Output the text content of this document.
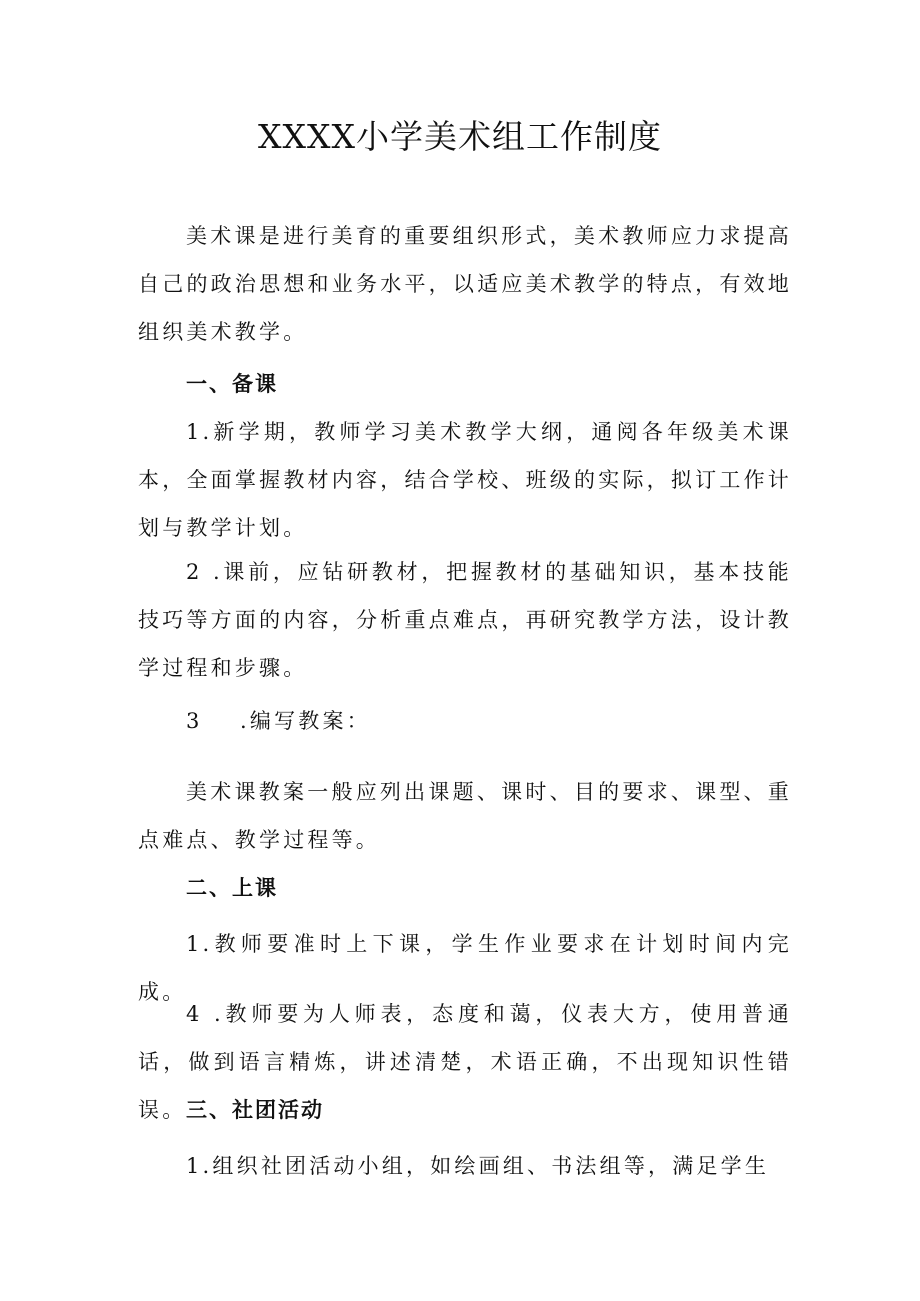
XXXX小学美术组工作制度

美术课是进行美育的重要组织形式，美术教师应力求提高自己的政治思想和业务水平，以适应美术教学的特点，有效地组织美术教学。

一、备课

1.新学期，教师学习美术教学大纲，通阅各年级美术课本，全面掌握教材内容，结合学校、班级的实际，拟订工作计划与教学计划。

2 .课前，应钻研教材，把握教材的基础知识，基本技能技巧等方面的内容，分析重点难点，再研究教学方法，设计教学过程和步骤。

3 .编写教案：

美术课教案一般应列出课题、课时、目的要求、课型、重点难点、教学过程等。

二、上课

1.教师要准时上下课，学生作业要求在计划时间内完成。

4 .教师要为人师表，态度和蔼，仪表大方，使用普通话，做到语言精炼，讲述清楚，术语正确，不出现知识性错误。 三、社团活动

1.组织社团活动小组，如绘画组、书法组等，满足学生
